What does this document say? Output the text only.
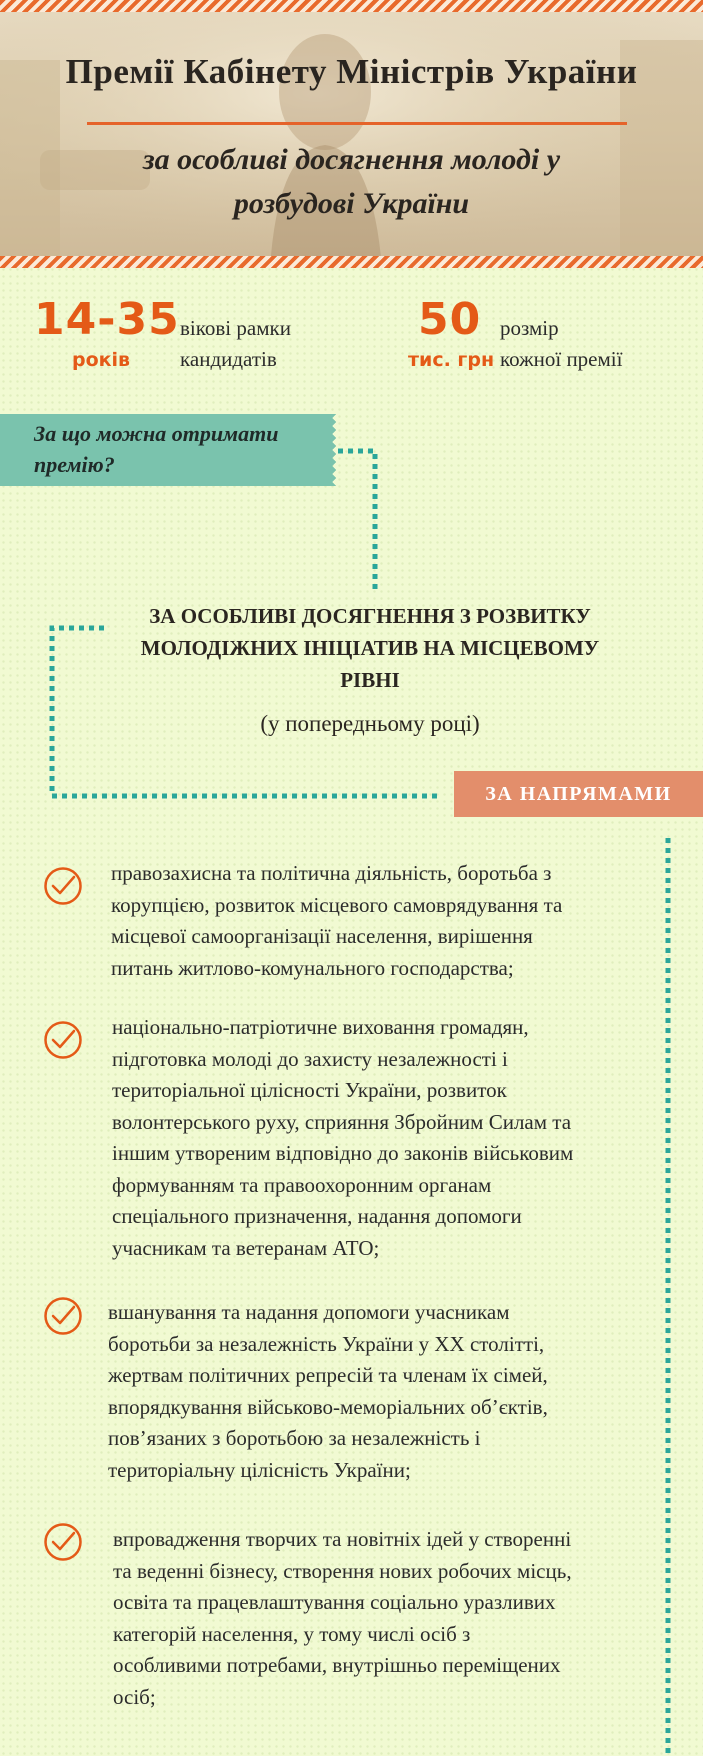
Премії Кабінету Міністрів України
за особливі досягнення молоді у
розбудові України
14-35
років
вікові рамки
кандидатів
50
тис. грн
розмір
кожної премії
За що можна отримати
премію?
ЗА ОСОБЛИВІ ДОСЯГНЕННЯ З РОЗВИТКУ
МОЛОДІЖНИХ ІНІЦІАТИВ НА МІСЦЕВОМУ
РІВНІ
(у попередньому році)
ЗА НАПРЯМАМИ
правозахисна та політична діяльність, боротьба з
корупцією, розвиток місцевого самоврядування та
місцевої самоорганізації населення, вирішення
питань житлово-комунального господарства;
національно-патріотичне виховання громадян,
підготовка молоді до захисту незалежності і
територіальної цілісності України, розвиток
волонтерського руху, сприяння Збройним Силам та
іншим утвореним відповідно до законів військовим
формуванням та правоохоронним органам
спеціального призначення, надання допомоги
учасникам та ветеранам АТО;
вшанування та надання допомоги учасникам
боротьби за незалежність України у ХХ столітті,
жертвам політичних репресій та членам їх сімей,
впорядкування військово-меморіальних об’єктів,
пов’язаних з боротьбою за незалежність і
територіальну цілісність України;
впровадження творчих та новітніх ідей у створенні
та веденні бізнесу, створення нових робочих місць,
освіта та працевлаштування соціально уразливих
категорій населення, у тому числі осіб з
особливими потребами, внутрішньо переміщених
осіб;
